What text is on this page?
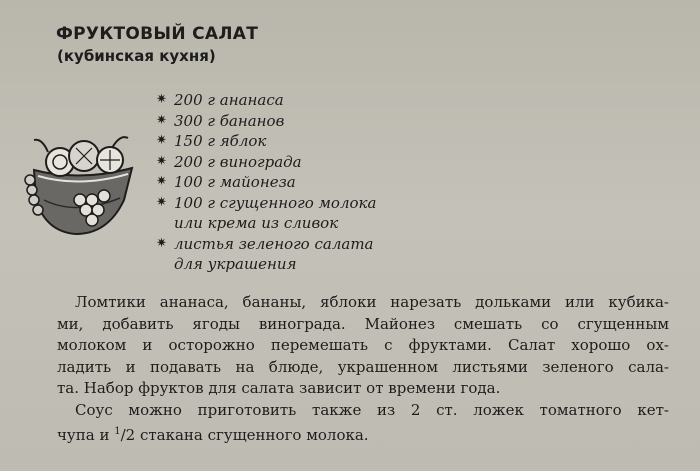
ФРУКТОВЫЙ САЛАТ
(кубинская кухня)
✷ 200 г ананаса
✷ 300 г бананов
✷ 150 г яблок
✷ 200 г винограда
✷ 100 г майонеза
✷ 100 г сгущенного молока
или крема из сливок
✷ листья зеленого салата
для украшения

Ломтики ананаса, бананы, яблоки нарезать дольками или кубика-
ми, добавить ягоды винограда. Майонез смешать со сгущенным
молоком и осторожно перемешать с фруктами. Салат хорошо ох-
ладить и подавать на блюде, украшенном листьями зеленого сала-
та. Набор фруктов для салата зависит от времени года.

Соус можно приготовить также из 2 ст. ложек томатного кет-
чупа и $^1$/2 стакана сгущенного молока.
